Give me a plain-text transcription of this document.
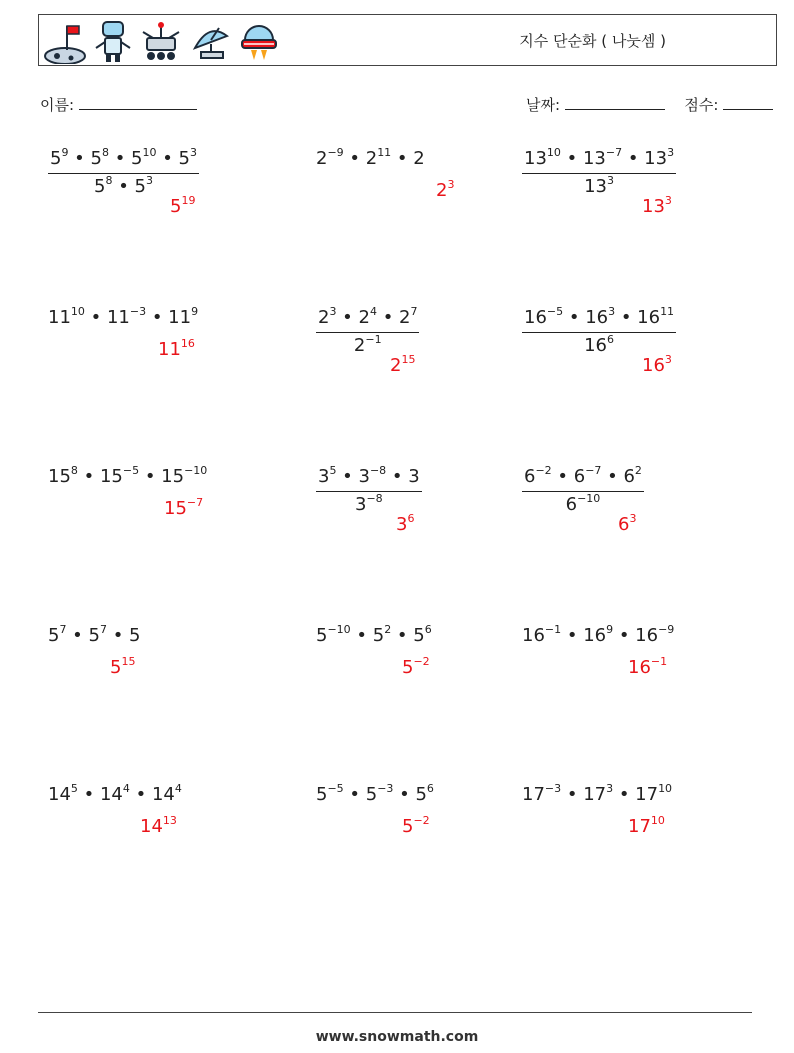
지수 단순화 ( 나눗셈 )
이름:	날짜:	점수:
$\frac{5^9 • 5^8 • 5^{10} • 5^3}{5^8 • 5^3}$
$5^{19}$
$2^{-9}$ • $2^{11}$ • 2
$2^3$	$\frac{13^{10} • 13^{-7} • 13^3}{13^3}$
$13^3$
$11^{10}$ • $11^{-3}$ • $11^9$
$11^{16}$	$\frac{2^3 • 2^4 • 2^7}{2^{-1}}$
$2^{15}$
$\frac{16^{-5} • 16^3 • 16^{11}}{16^6}$
$16^3$
$15^8$ • $15^{-5}$ • $15^{-10}$
$15^{-7}$	$\frac{3^5 • 3^{-8} • 3}{3^{-8}}$
$3^6$
$\frac{6^{-2} • 6^{-7} • 6^2}{6^{-10}}$
$6^3$
$5^7$ • $5^7$ • 5
$5^{15}$
$5^{-10}$ • $5^2$ • $5^6$
$5^{-2}$
$16^{-1}$ • $16^9$ • $16^{-9}$
$16^{-1}$
$14^5$ • $14^4$ • $14^4$
$14^{13}$
$5^{-5}$ • $5^{-3}$ • $5^6$
$5^{-2}$
$17^{-3}$ • $17^3$ • $17^{10}$
$17^{10}$
www.snowmath.com
